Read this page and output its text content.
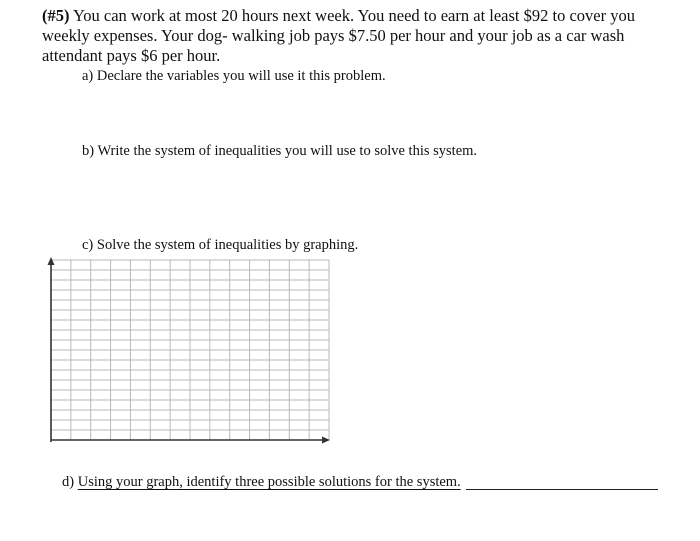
(#5) You can work at most 20 hours next week. You need to earn at least $92 to cover you weekly expenses. Your dog- walking job pays $7.50 per hour and your job as a car wash attendant pays $6 per hour.
a) Declare the variables you will use it this problem.
b) Write the system of inequalities you will use to solve this system.
c) Solve the system of inequalities by graphing.
d) Using your graph, identify three possible solutions for the system.
